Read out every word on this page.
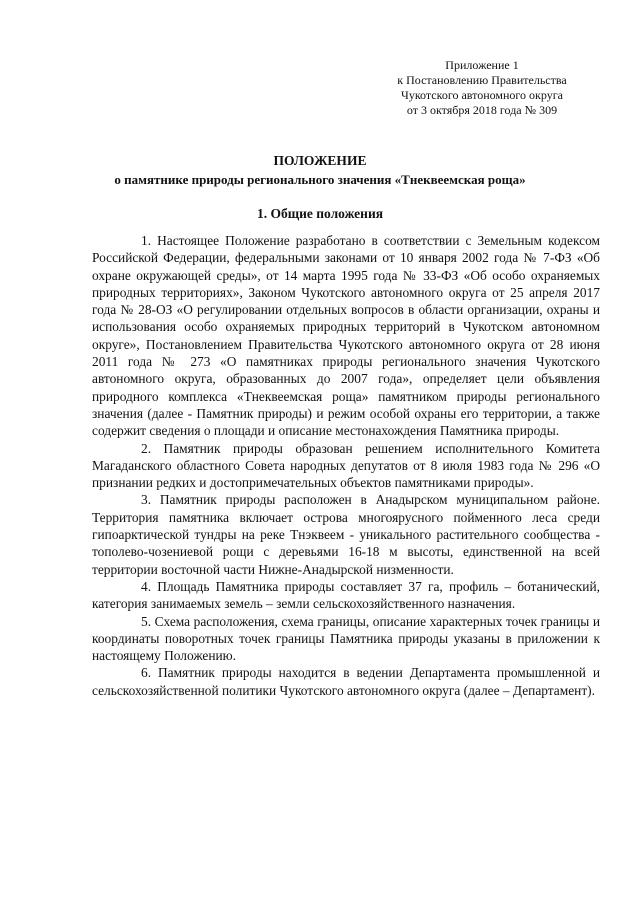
Приложение 1
к Постановлению Правительства
Чукотского автономного округа
от 3 октября 2018 года № 309
ПОЛОЖЕНИЕ
о памятнике природы регионального значения «Тнеквеемская роща»
1. Общие положения

1. Настоящее Положение разработано в соответствии с Земельным кодексом Российской Федерации, федеральными законами от 10 января 2002 года № 7-ФЗ «Об охране окружающей среды», от 14 марта 1995 года № 33-ФЗ «Об особо охраняемых природных территориях», Законом Чукотского автономного округа от 25 апреля 2017 года № 28-ОЗ «О регулировании отдельных вопросов в области организации, охраны и использования особо охраняемых природных территорий в Чукотском автономном округе», Постановлением Правительства Чукотского автономного округа от 28 июня 2011 года № 273 «О памятниках природы регионального значения Чукотского автономного округа, образованных до 2007 года», определяет цели объявления природного комплекса «Тнеквеемская роща» памятником природы регионального значения (далее - Памятник природы) и режим особой охраны его территории, а также содержит сведения о площади и описание местонахождения Памятника природы.

2. Памятник природы образован решением исполнительного Комитета Магаданского областного Совета народных депутатов от 8 июля 1983 года № 296 «О признании редких и достопримечательных объектов памятниками природы».

3. Памятник природы расположен в Анадырском муниципальном районе. Территория памятника включает острова многоярусного пойменного леса среди гипоарктической тундры на реке Тнэквеем - уникального растительного сообщества - тополево-чозениевой рощи с деревьями 16-18 м высоты, единственной на всей территории восточной части Нижне-Анадырской низменности.

4. Площадь Памятника природы составляет 37 га, профиль – ботанический, категория занимаемых земель – земли сельскохозяйственного назначения.

5. Схема расположения, схема границы, описание характерных точек границы и координаты поворотных точек границы Памятника природы указаны в приложении к настоящему Положению.

6. Памятник природы находится в ведении Департамента промышленной и сельскохозяйственной политики Чукотского автономного округа (далее – Департамент).
